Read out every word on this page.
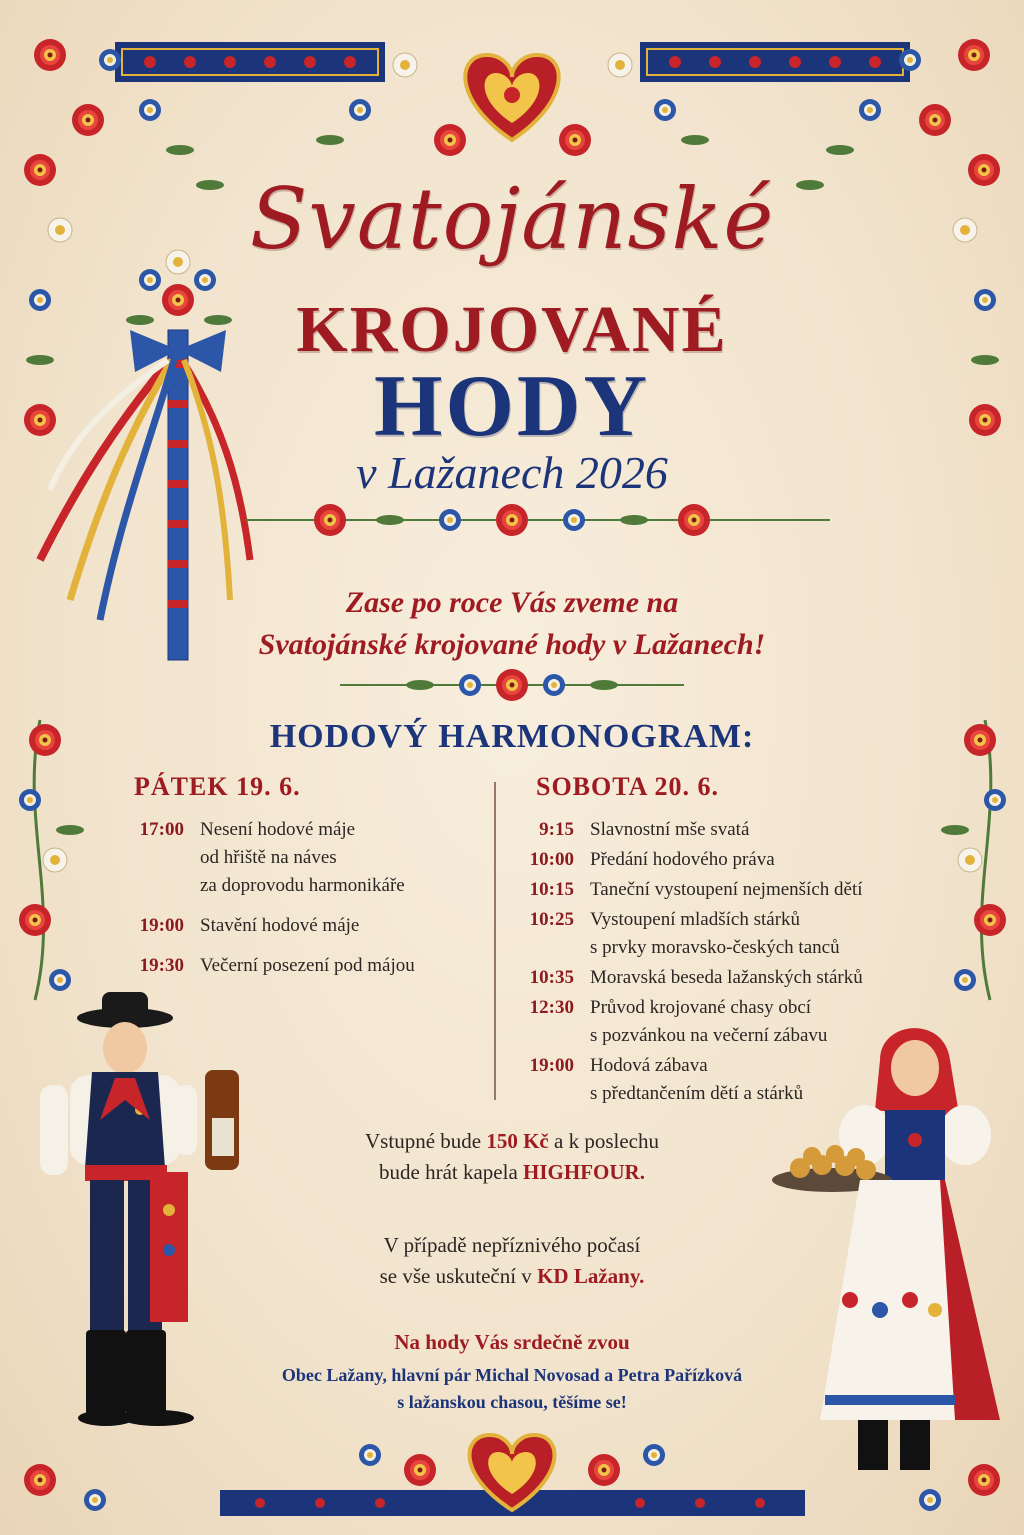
Svatojánské
KROJOVANÉ
HODY
v Lažanech 2026
Zase po roce Vás zveme na
Svatojánské krojované hody v Lažanech!
HODOVÝ HARMONOGRAM:
PÁTEK 19. 6.
17:00 Nesení hodové máje
od hřiště na náves
za doprovodu harmonikáře
19:00 Stavění hodové máje
19:30 Večerní posezení pod májou
SOBOTA 20. 6.
9:15 Slavnostní mše svatá
10:00 Předání hodového práva
10:15 Taneční vystoupení nejmenších dětí
10:25 Vystoupení mladších stárků
s prvky moravsko-českých tanců
10:35 Moravská beseda lažanských stárků
12:30 Průvod krojované chasy obcí
s pozvánkou na večerní zábavu
19:00 Hodová zábava
s předtančením dětí a stárků
Vstupné bude 150 Kč a k poslechu
bude hrát kapela HIGHFOUR.
V případě nepříznivého počasí
se vše uskuteční v KD Lažany.
Na hody Vás srdečně zvou
Obec Lažany, hlavní pár Michal Novosad a Petra Pařízková
s lažanskou chasou, těšíme se!
